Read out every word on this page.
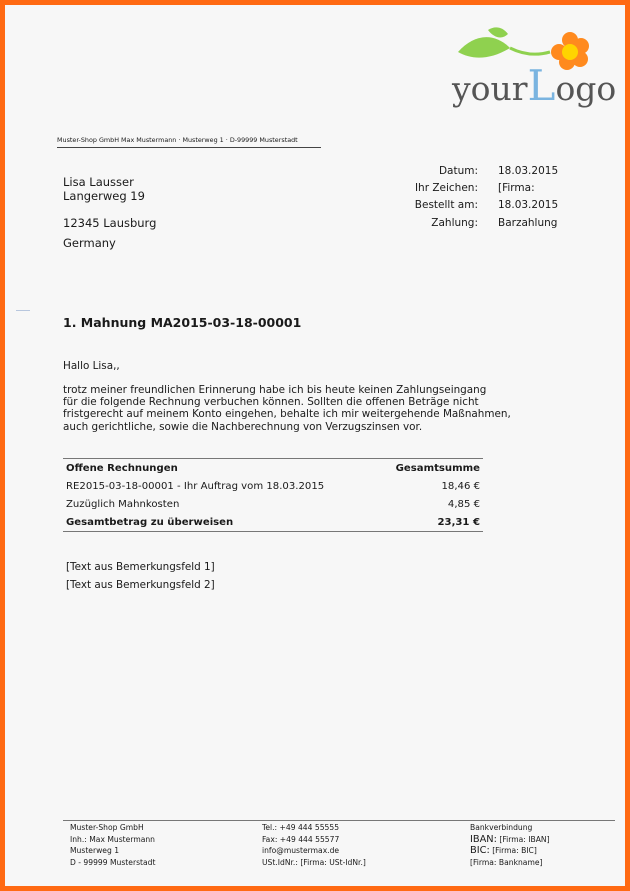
yourLogo
Muster-Shop GmbH Max Mustermann · Musterweg 1 · D-99999 Musterstadt
Lisa Lausser
Langerweg 19
12345 Lausburg
Germany
Datum: 18.03.2015
Ihr Zeichen: [Firma:
Bestellt am: 18.03.2015
Zahlung: Barzahlung
1. Mahnung MA2015-03-18-00001
Hallo Lisa,,
trotz meiner freundlichen Erinnerung habe ich bis heute keinen Zahlungseingang
für die folgende Rechnung verbuchen können. Sollten die offenen Beträge nicht
fristgerecht auf meinem Konto eingehen, behalte ich mir weitergehende Maßnahmen,
auch gerichtliche, sowie die Nachberechnung von Verzugszinsen vor.
Offene Rechnungen	Gesamtsumme
RE2015-03-18-00001 - Ihr Auftrag vom 18.03.2015	18,46 €
Zuzüglich Mahnkosten	4,85 €
Gesamtbetrag zu überweisen	23,31 €
[Text aus Bemerkungsfeld 1]
[Text aus Bemerkungsfeld 2]
Muster-Shop GmbH
Inh.: Max Mustermann
Musterweg 1
D - 99999 Musterstadt
Tel.: +49 444 55555
Fax: +49 444 55577
info@mustermax.de
USt.IdNr.: [Firma: USt-IdNr.]
Bankverbindung
IBAN: [Firma: IBAN]
BIC: [Firma: BIC]
[Firma: Bankname]
